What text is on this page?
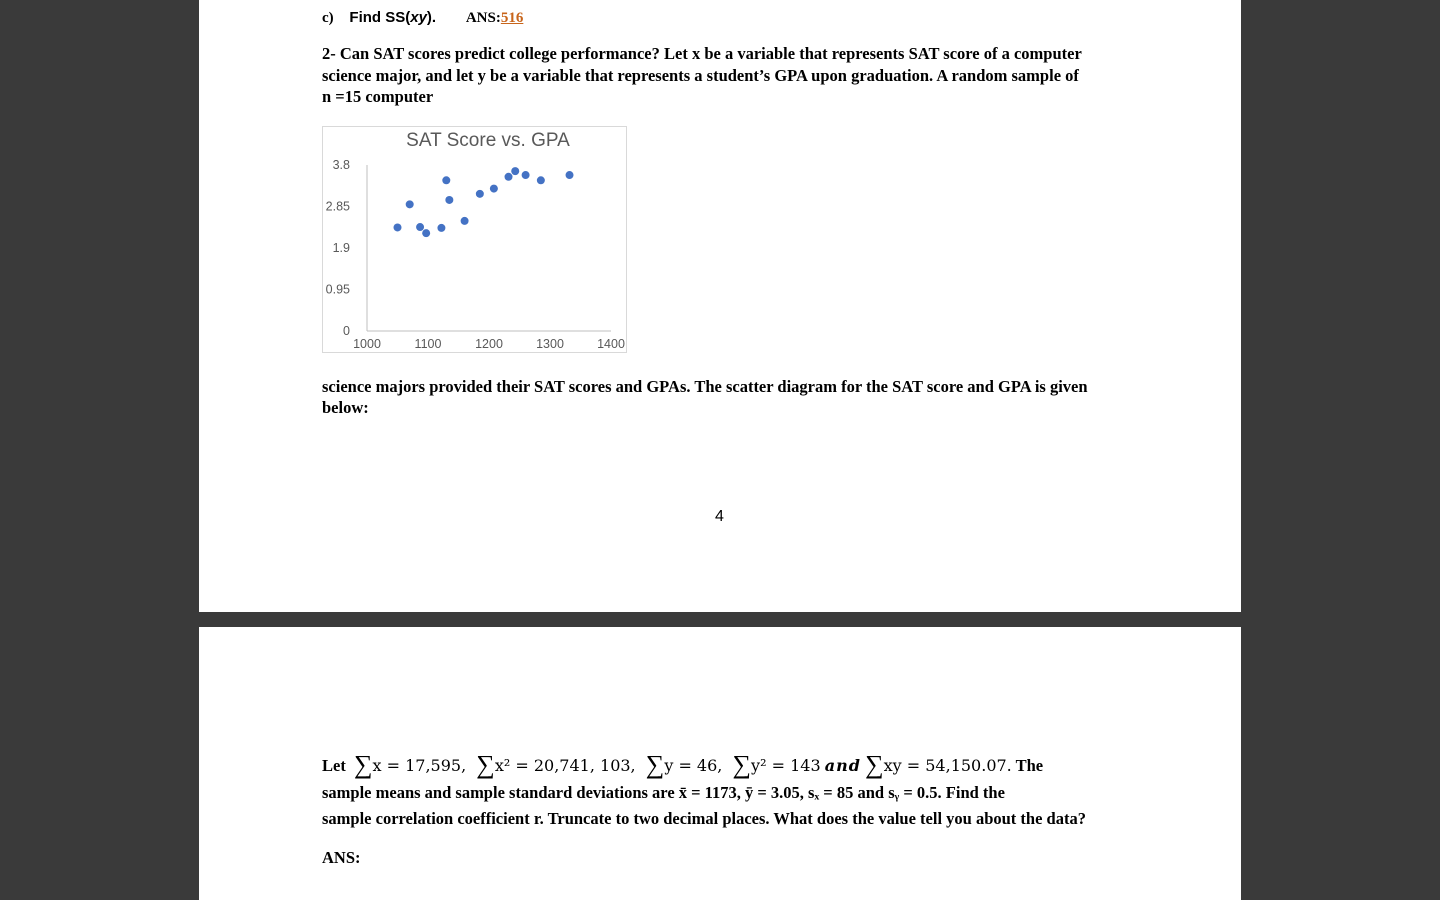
c) Find SS(xy). ANS:516
2- Can SAT scores predict college performance? Let x be a variable that represents SAT score of a computer
science major, and let y be a variable that represents a student’s GPA upon graduation. A random sample of
n =15 computer
SAT Score vs. GPA
0
0.95
1.9
2.85
3.8
1000	1100	1200	1300	1400
science majors provided their SAT scores and GPAs. The scatter diagram for the SAT score and GPA is given
below:
4
Let ∑x = 17,595, ∑x² = 20,741, 103, ∑y = 46, ∑y² = 143 and ∑xy = 54,150.07. The
sample means and sample standard deviations are x̄ = 1173, ȳ = 3.05, sₓ = 85 and sᵧ = 0.5. Find the
sample correlation coefficient r. Truncate to two decimal places. What does the value tell you about the data?
ANS:
